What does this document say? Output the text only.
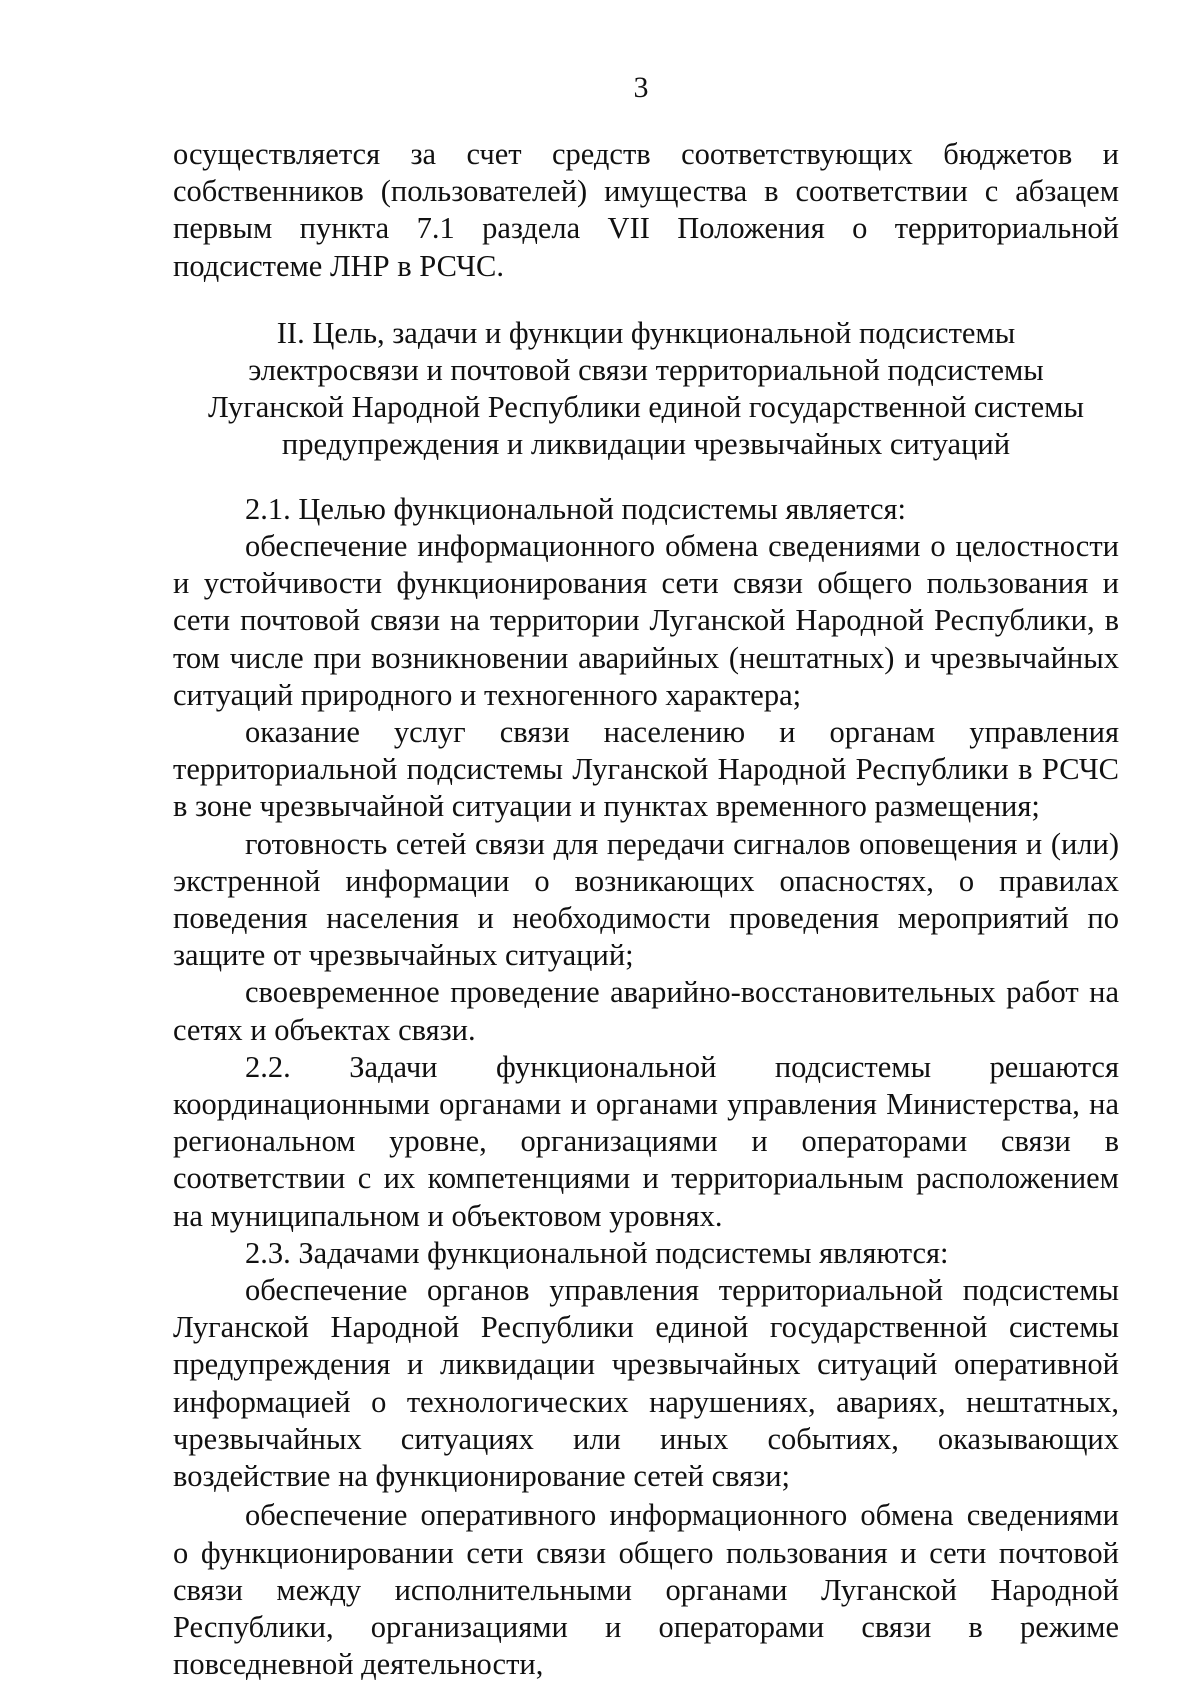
3

осуществляется за счет средств соответствующих бюджетов и собственников (пользователей) имущества в соответствии с абзацем первым пункта 7.1 раздела VII Положения о территориальной подсистеме ЛНР в РСЧС.

II. Цель, задачи и функции функциональной подсистемы
электросвязи и почтовой связи территориальной подсистемы
Луганской Народной Республики единой государственной системы
предупреждения и ликвидации чрезвычайных ситуаций

2.1. Целью функциональной подсистемы является:

обеспечение информационного обмена сведениями о целостности и устойчивости функционирования сети связи общего пользования и сети почтовой связи на территории Луганской Народной Республики, в том числе при возникновении аварийных (нештатных) и чрезвычайных ситуаций природного и техногенного характера;

оказание услуг связи населению и органам управления территориальной подсистемы Луганской Народной Республики в РСЧС в зоне чрезвычайной ситуации и пунктах временного размещения;

готовность сетей связи для передачи сигналов оповещения и (или) экстренной информации о возникающих опасностях, о правилах поведения населения и необходимости проведения мероприятий по защите от чрезвычайных ситуаций;

своевременное проведение аварийно-восстановительных работ на сетях и объектах связи.

2.2. Задачи функциональной подсистемы решаются координационными органами и органами управления Министерства, на региональном уровне, организациями и операторами связи в соответствии с их компетенциями и территориальным расположением на муниципальном и объектовом уровнях.

2.3. Задачами функциональной подсистемы являются:

обеспечение органов управления территориальной подсистемы Луганской Народной Республики единой государственной системы предупреждения и ликвидации чрезвычайных ситуаций оперативной информацией о технологических нарушениях, авариях, нештатных, чрезвычайных ситуациях или иных событиях, оказывающих воздействие на функционирование сетей связи;

обеспечение оперативного информационного обмена сведениями о функционировании сети связи общего пользования и сети почтовой связи между исполнительными органами Луганской Народной Республики, организациями и операторами связи в режиме повседневной деятельности,
